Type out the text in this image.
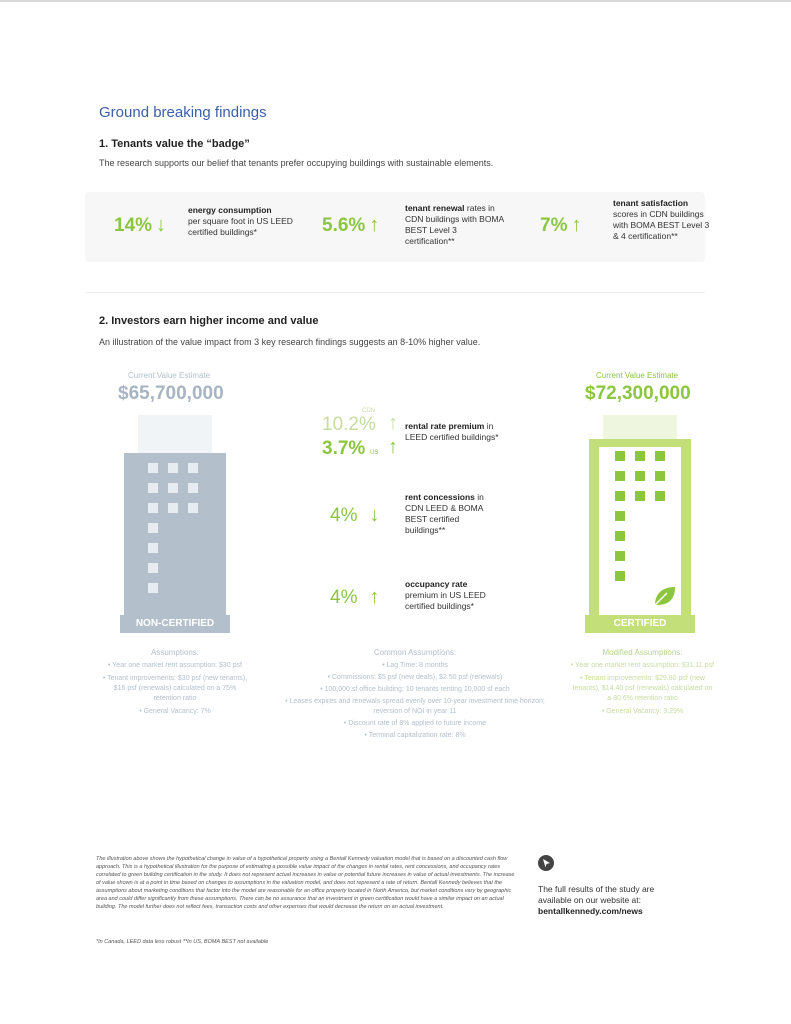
Ground breaking findings
1. Tenants value the “badge”
The research supports our belief that tenants prefer occupying buildings with sustainable elements.
14% ↓
energy consumption
per square foot in US LEED certified buildings*	5.6% ↑
tenant renewal rates in CDN buildings with BOMA BEST Level 3 certification**
7% ↑
tenant satisfaction
scores in CDN buildings with BOMA BEST Level 3 & 4 certification**
2. Investors earn higher income and value
An illustration of the value impact from 3 key research findings suggests an 8-10% higher value.
Current Value Estimate
$65,700,000
NON-CERTIFIED
Current Value Estimate
$72,300,000
CERTIFIED
CDN
10.2% ↑
3.7% US ↑
rental rate premium in LEED certified buildings*
4% ↓
rent concessions in CDN LEED & BOMA BEST certified buildings**
4% ↑
occupancy rate premium in US LEED certified buildings*
Assumptions:
• Year one market rent assumption: $30 psf
• Tenant improvements: $30 psf (new tenants), $15 psf (renewals) calculated on a 75% retention ratio
• General Vacancy: 7%
Common Assumptions:
• Lag Time: 8 months
• Commissions: $5 psf (new deals), $2.50 psf (renewals)
• 100,000 sf office building; 10 tenants renting 10,000 sf each
• Leases expires and renewals spread evenly over 10-year investment time horizon; reversion of NOI in year 11
• Discount rate of 8% applied to future income
• Terminal capitalization rate: 8%
Modified Assumptions:
• Year one market rent assumption: $31.11 psf
• Tenant improvements: $29.80 psf (new tenants), $14.40 psf (renewals) calculated on a 80.6% retention ratio
• General Vacancy: 3.29%
The illustration above shows the hypothetical change in value of a hypothetical property using a Bentall Kennedy valuation model that is based on a discounted cash flow approach. This is a hypothetical illustration for the purpose of estimating a possible value impact of the changes in rental rates, rent concessions, and occupancy rates correlated to green building certification in the study. It does not represent actual increases in value or potential future increases in value of actual investments. The increase of value shown is at a point in time based on changes to assumptions in the valuation model, and does not represent a rate of return. Bentall Kennedy believes that the assumptions about marketing conditions that factor into the model are reasonable for an office property located in North America, but market conditions vary by geographic area and could differ significantly from these assumptions. There can be no assurance that an investment in green certification would have a similar impact on an actual building. The model further does not reflect fees, transaction costs and other expenses that would decrease the return on an actual investment.
*In Canada, LEED data less robust **In US, BOMA BEST not available
The full results of the study are
available on our website at:
bentallkennedy.com/news
